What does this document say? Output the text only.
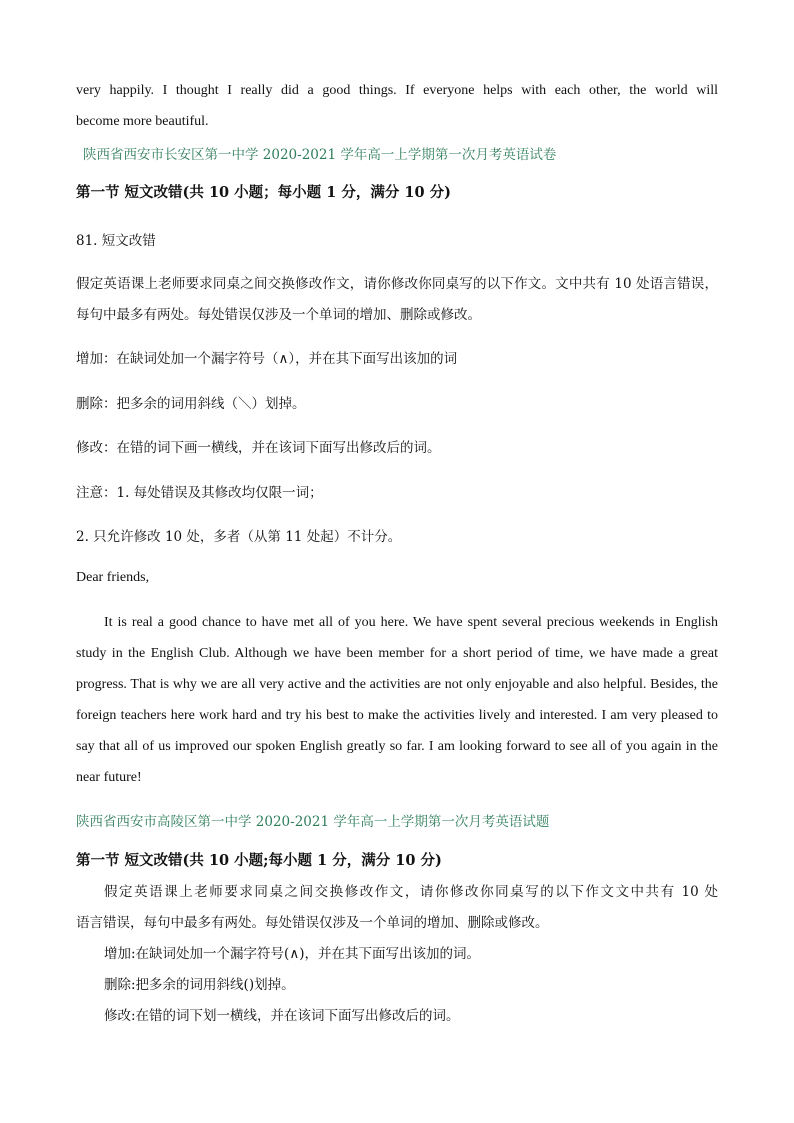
very happily. I thought I really did a good things. If everyone helps with each other, the world will
become more beautiful.
陕西省西安市长安区第一中学 2020-2021 学年高一上学期第一次月考英语试卷
第一节 短文改错(共 10 小题；每小题 1 分，满分 10 分)
81. 短文改错
假定英语课上老师要求同桌之间交换修改作文，请你修改你同桌写的以下作文。文中共有 10 处语言错误，
每句中最多有两处。每处错误仅涉及一个单词的增加、删除或修改。
增加：在缺词处加一个漏字符号（∧），并在其下面写出该加的词
删除：把多余的词用斜线（＼）划掉。
修改：在错的词下画一横线，并在该词下面写出修改后的词。
注意：1. 每处错误及其修改均仅限一词；
2. 只允许修改 10 处，多者（从第 11 处起）不计分。
Dear friends,
It is real a good chance to have met all of you here. We have spent several precious weekends in English
study in the English Club. Although we have been member for a short period of time, we have made a great
progress. That is why we are all very active and the activities are not only enjoyable and also helpful. Besides, the
foreign teachers here work hard and try his best to make the activities lively and interested. I am very pleased to
say that all of us improved our spoken English greatly so far. I am looking forward to see all of you again in the
near future!
陕西省西安市高陵区第一中学 2020-2021 学年高一上学期第一次月考英语试题
第一节 短文改错(共 10 小题;每小题 1 分，满分 10 分)
假定英语课上老师要求同桌之间交换修改作文，请你修改你同桌写的以下作文文中共有 10 处
语言错误，每句中最多有两处。每处错误仅涉及一个单词的增加、删除或修改。
增加:在缺词处加一个漏字符号(∧)，并在其下面写出该加的词。
删除:把多余的词用斜线()划掉。
修改:在错的词下划一横线，并在该词下面写出修改后的词。
